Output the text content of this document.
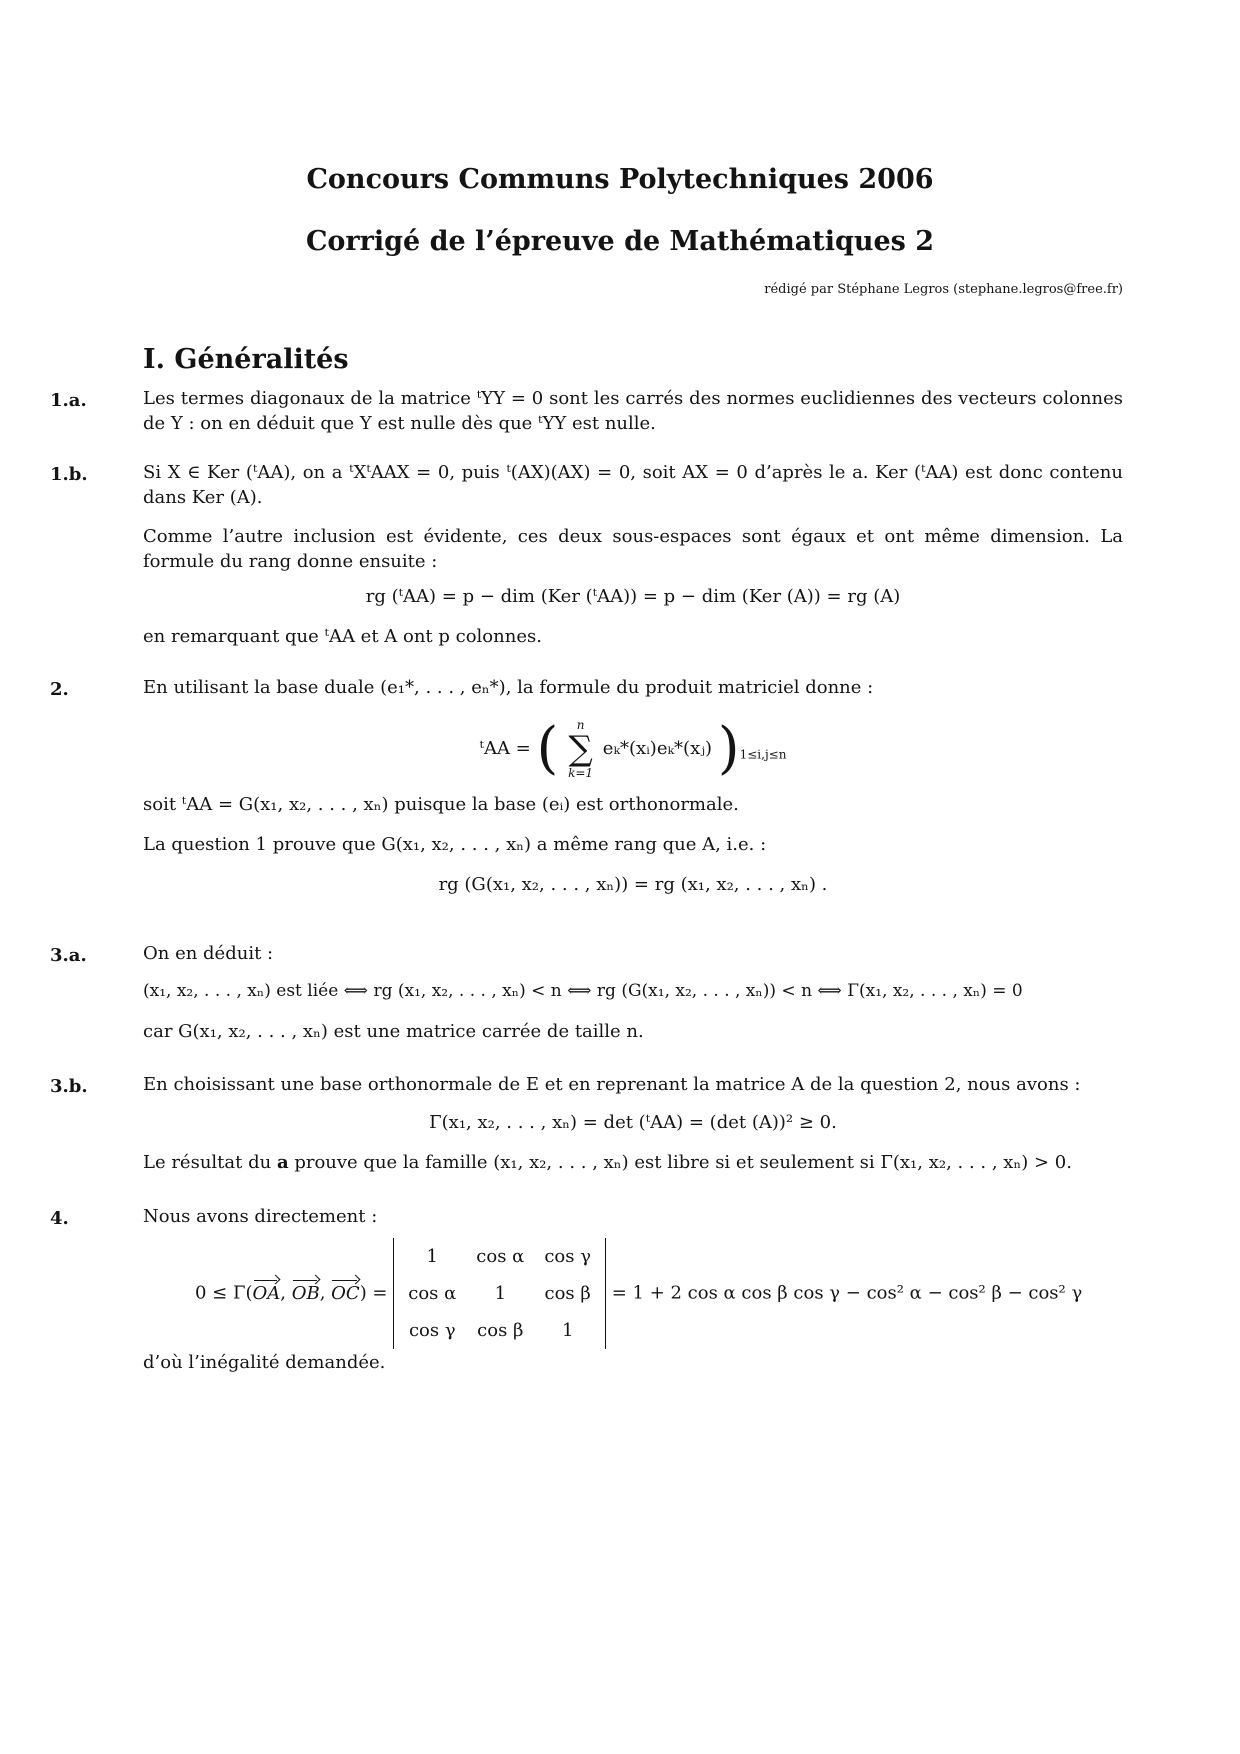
Concours Communs Polytechniques 2006
Corrigé de l’épreuve de Mathématiques 2
rédigé par Stéphane Legros (stephane.legros@free.fr)
I. Généralités
1.a.	Les termes diagonaux de la matrice ᵗYY = 0 sont les carrés des normes euclidiennes des vecteurs colonnes de Y : on en déduit que Y est nulle dès que ᵗYY est nulle.
1.b.	Si X ∈ Ker (ᵗAA), on a ᵗXᵗAAX = 0, puis ᵗ(AX)(AX) = 0, soit AX = 0 d’après le a. Ker (ᵗAA) est donc contenu dans Ker (A).
Comme l’autre inclusion est évidente, ces deux sous-espaces sont égaux et ont même dimension. La formule du rang donne ensuite :
rg (ᵗAA) = p − dim (Ker (ᵗAA)) = p − dim (Ker (A)) = rg (A)
en remarquant que ᵗAA et A ont p colonnes.
2.	En utilisant la base duale (e₁*, . . . , eₙ*), la formule du produit matriciel donne :
ᵗAA = ( n
∑
k=1
eₖ*(xᵢ)eₖ*(xⱼ) )$_{1\le i,j\le n}$
soit ᵗAA = G(x₁, x₂, . . . , xₙ) puisque la base (eᵢ) est orthonormale.
La question 1 prouve que G(x₁, x₂, . . . , xₙ) a même rang que A, i.e. :
rg (G(x₁, x₂, . . . , xₙ)) = rg (x₁, x₂, . . . , xₙ) .
3.a.	On en déduit :
(x₁, x₂, . . . , xₙ) est liée ⟺ rg (x₁, x₂, . . . , xₙ) < n ⟺ rg (G(x₁, x₂, . . . , xₙ)) < n ⟺ Γ(x₁, x₂, . . . , xₙ) = 0
car G(x₁, x₂, . . . , xₙ) est une matrice carrée de taille n.
3.b.	En choisissant une base orthonormale de E et en reprenant la matrice A de la question 2, nous avons :
Γ(x₁, x₂, . . . , xₙ) = det (ᵗAA) = (det (A))² ≥ 0.
Le résultat du a prouve que la famille (x₁, x₂, . . . , xₙ) est libre si et seulement si Γ(x₁, x₂, . . . , xₙ) > 0.
4.	Nous avons directement :
0 ≤ Γ(OA, OB, OC) =
1	cos α	cos γ
cos α	1	cos β
cos γ	cos β	1
= 1 + 2 cos α cos β cos γ − cos² α − cos² β − cos² γ
d’où l’inégalité demandée.
